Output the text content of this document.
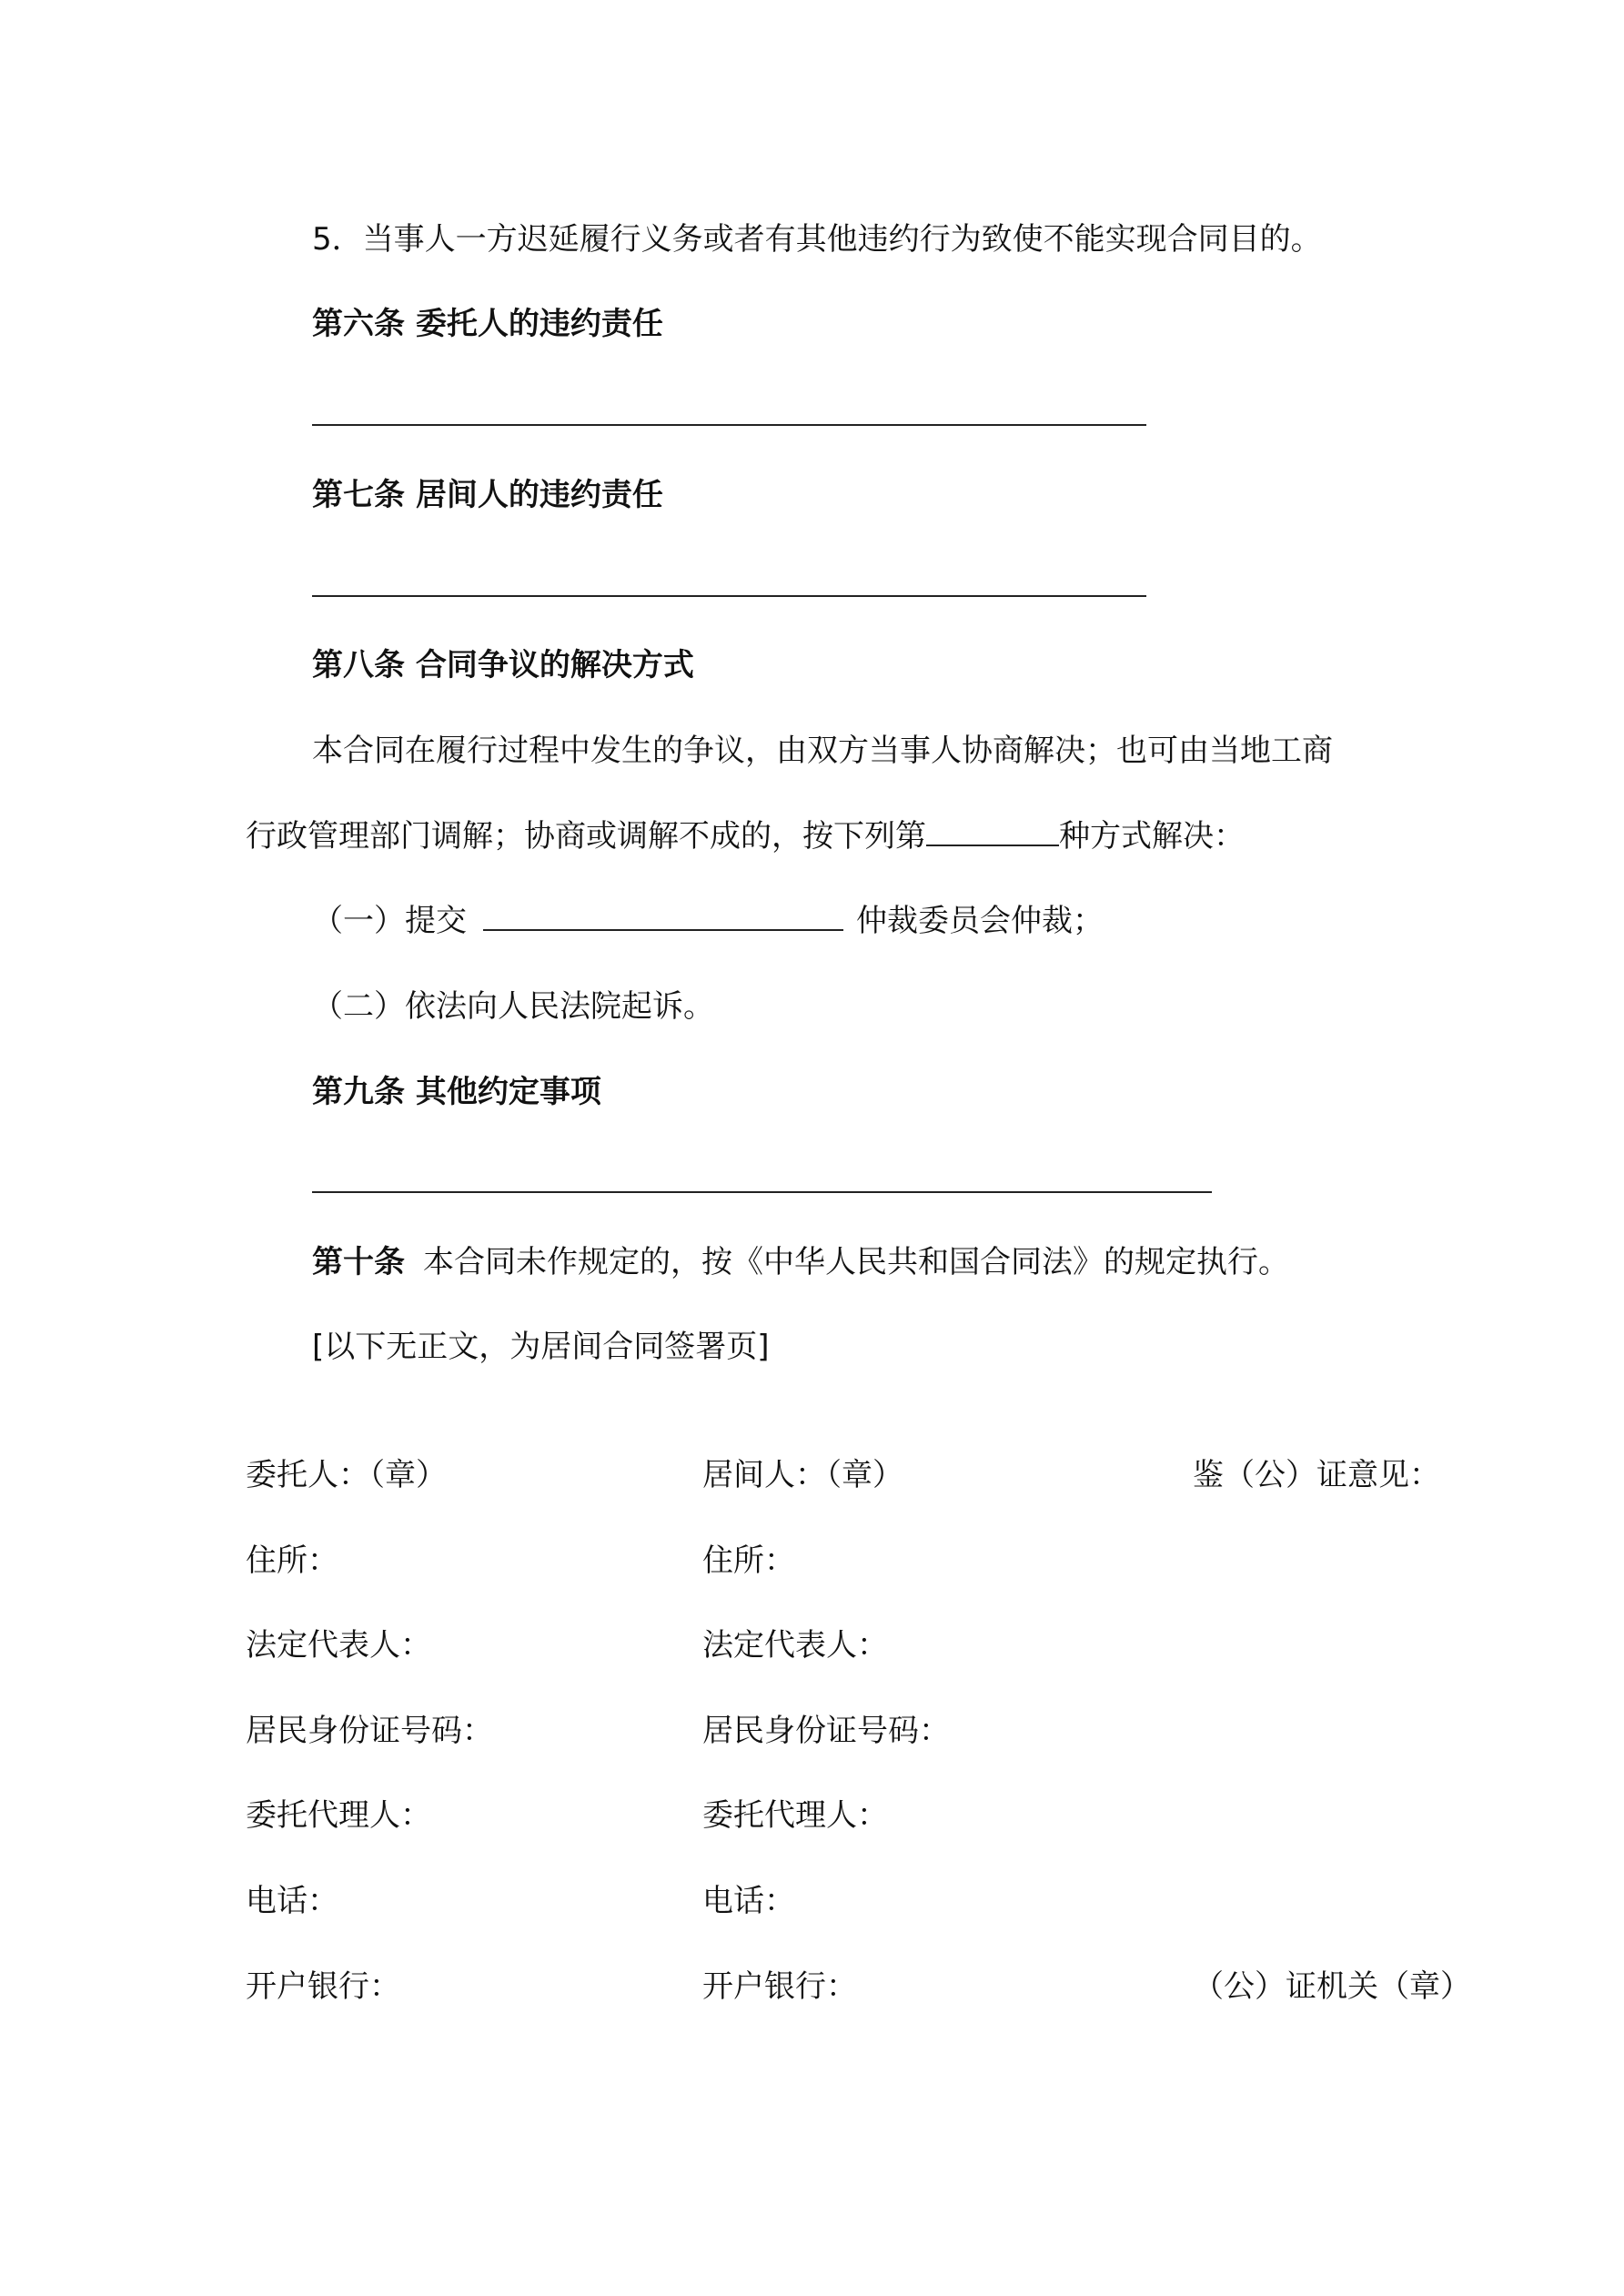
5．当事人一方迟延履行义务或者有其他违约行为致使不能实现合同目的。
第六条 委托人的违约责任
第七条 居间人的违约责任
第八条 合同争议的解决方式
本合同在履行过程中发生的争议，由双方当事人协商解决；也可由当地工商
行政管理部门调解；协商或调解不成的，按下列第	种方式解决：
（一）提交	仲裁委员会仲裁；
（二）依法向人民法院起诉。
第九条 其他约定事项
第十条 本合同未作规定的，按《中华人民共和国合同法》的规定执行。
[以下无正文，为居间合同签署页]
委托人：（章）
住所：
法定代表人：
居民身份证号码：
委托代理人：
电话：
开户银行：
居间人：（章）
住所：
法定代表人：
居民身份证号码：
委托代理人：
电话：
开户银行：
鉴（公）证意见：
（公）证机关（章）
